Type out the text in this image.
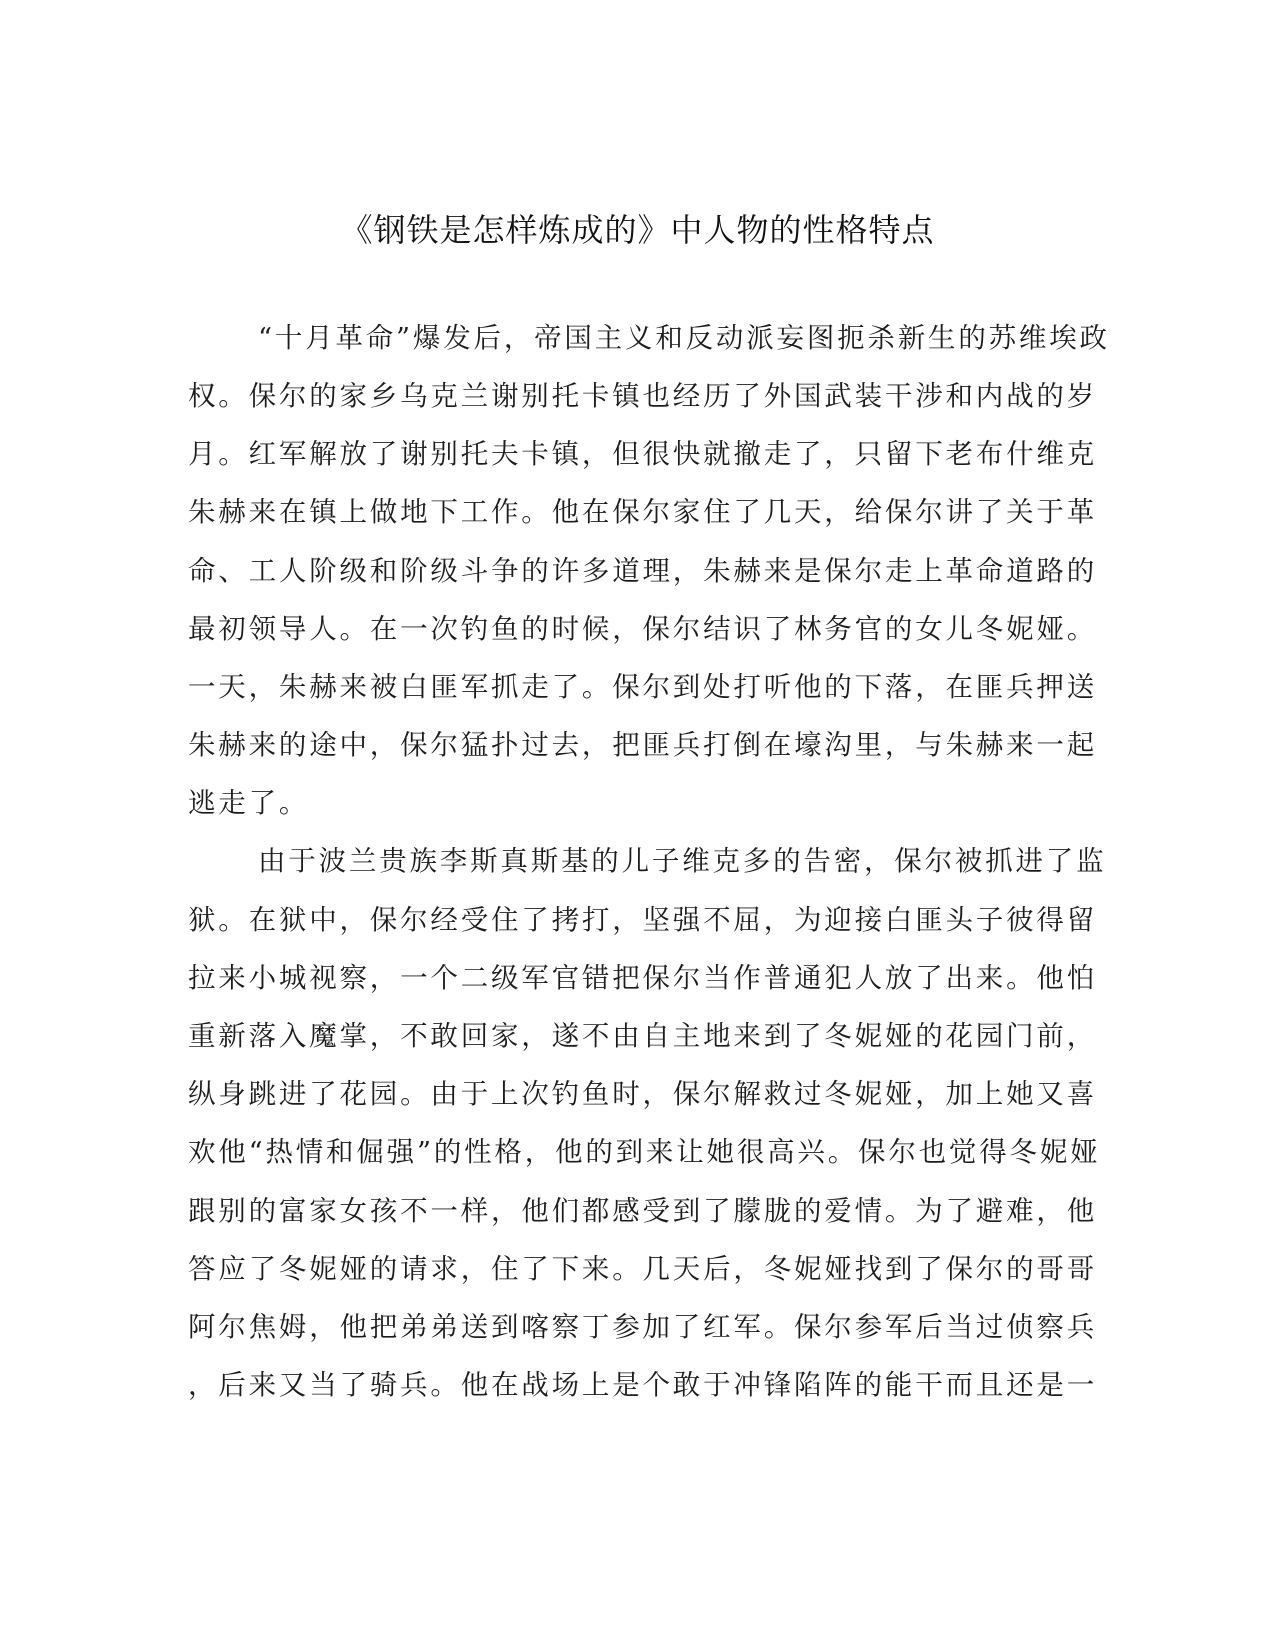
《钢铁是怎样炼成的》中人物的性格特点
“十月革命”爆发后，帝国主义和反动派妄图扼杀新生的苏维埃政
权。保尔的家乡乌克兰谢别托卡镇也经历了外国武装干涉和内战的岁
月。红军解放了谢别托夫卡镇，但很快就撤走了，只留下老布什维克
朱赫来在镇上做地下工作。他在保尔家住了几天，给保尔讲了关于革
命、工人阶级和阶级斗争的许多道理，朱赫来是保尔走上革命道路的
最初领导人。在一次钓鱼的时候，保尔结识了林务官的女儿冬妮娅。
一天，朱赫来被白匪军抓走了。保尔到处打听他的下落，在匪兵押送
朱赫来的途中，保尔猛扑过去，把匪兵打倒在壕沟里，与朱赫来一起
逃走了。
由于波兰贵族李斯真斯基的儿子维克多的告密，保尔被抓进了监
狱。在狱中，保尔经受住了拷打，坚强不屈，为迎接白匪头子彼得留
拉来小城视察，一个二级军官错把保尔当作普通犯人放了出来。他怕
重新落入魔掌，不敢回家，遂不由自主地来到了冬妮娅的花园门前，
纵身跳进了花园。由于上次钓鱼时，保尔解救过冬妮娅，加上她又喜
欢他“热情和倔强”的性格，他的到来让她很高兴。保尔也觉得冬妮娅
跟别的富家女孩不一样，他们都感受到了朦胧的爱情。为了避难，他
答应了冬妮娅的请求，住了下来。几天后，冬妮娅找到了保尔的哥哥
阿尔焦姆，他把弟弟送到喀察丁参加了红军。保尔参军后当过侦察兵
，后来又当了骑兵。他在战场上是个敢于冲锋陷阵的能干而且还是一
